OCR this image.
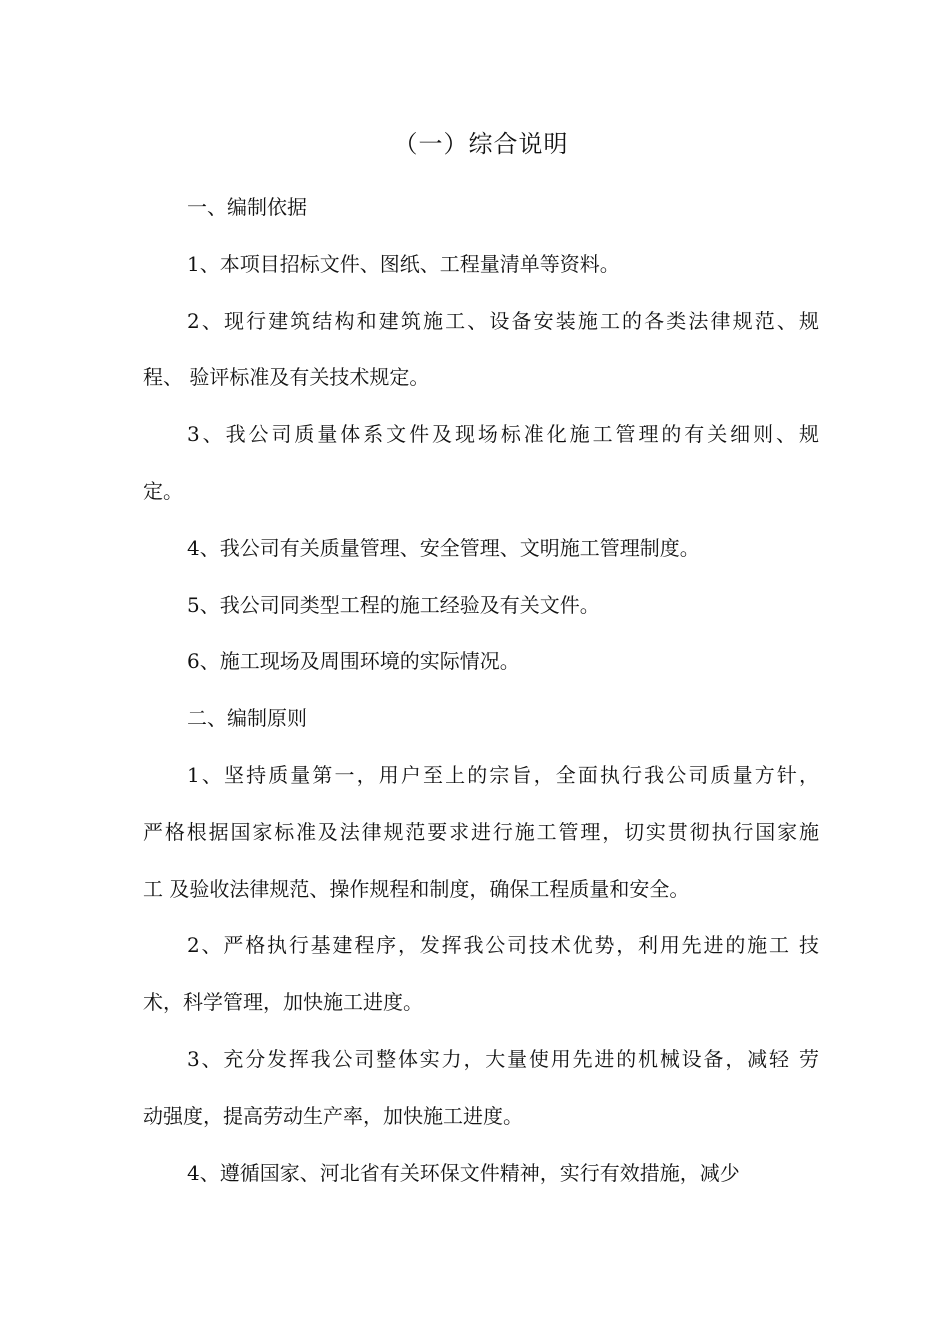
（一）综合说明
一、编制依据
1、本项目招标文件、图纸、工程量清单等资料。
2、现行建筑结构和建筑施工、设备安装施工的各类法律规范、规
程、 验评标准及有关技术规定。
3、我公司质量体系文件及现场标准化施工管理的有关细则、规
定。
4、我公司有关质量管理、安全管理、文明施工管理制度。
5、我公司同类型工程的施工经验及有关文件。
6、施工现场及周围环境的实际情况。
二、编制原则
1、坚持质量第一，用户至上的宗旨，全面执行我公司质量方针，
严格根据国家标准及法律规范要求进行施工管理，切实贯彻执行国家施
工 及验收法律规范、操作规程和制度，确保工程质量和安全。
2、严格执行基建程序，发挥我公司技术优势，利用先进的施工 技
术，科学管理，加快施工进度。
3、充分发挥我公司整体实力，大量使用先进的机械设备，减轻 劳
动强度，提高劳动生产率，加快施工进度。
4、遵循国家、河北省有关环保文件精神，实行有效措施，减少
